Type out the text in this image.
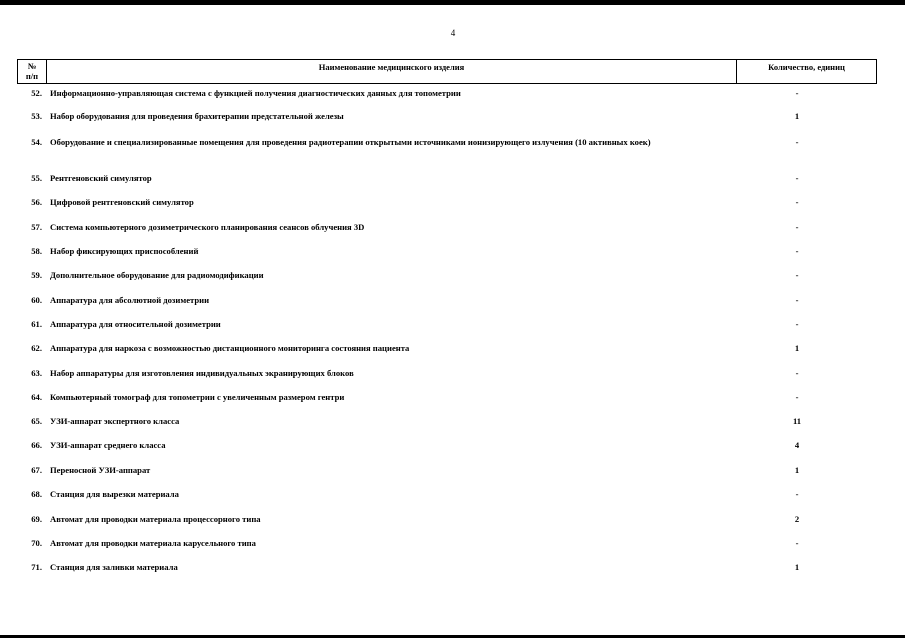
4
№
п/п
Наименование медицинского изделия	Количество, единиц
52. Информационно-управляющая система с функцией получения диагностических данных для топометрии	-
53. Набор оборудования для проведения брахитерапии предстательной железы	1
54. Оборудование и специализированные помещения для проведения радиотерапии открытыми источниками ионизирующего излучения (10 активных коек)	-
55. Рентгеновский симулятор	-
56. Цифровой рентгеновский симулятор	-
57. Система компьютерного дозиметрического планирования сеансов облучения 3D	-
58. Набор фиксирующих приспособлений	-
59. Дополнительное оборудование для радиомодификации	-
60. Аппаратура для абсолютной дозиметрии	-
61. Аппаратура для относительной дозиметрии	-
62. Аппаратура для наркоза с возможностью дистанционного мониторинга состояния пациента	1
63. Набор аппаратуры для изготовления индивидуальных экранирующих блоков	-
64. Компьютерный томограф для топометрии с увеличенным размером гентри	-
65. УЗИ-аппарат экспертного класса	11
66. УЗИ-аппарат среднего класса	4
67. Переносной УЗИ-аппарат	1
68. Станция для вырезки материала	-
69. Автомат для проводки материала процессорного типа	2
70. Автомат для проводки материала карусельного типа	-
71. Станция для заливки материала	1
